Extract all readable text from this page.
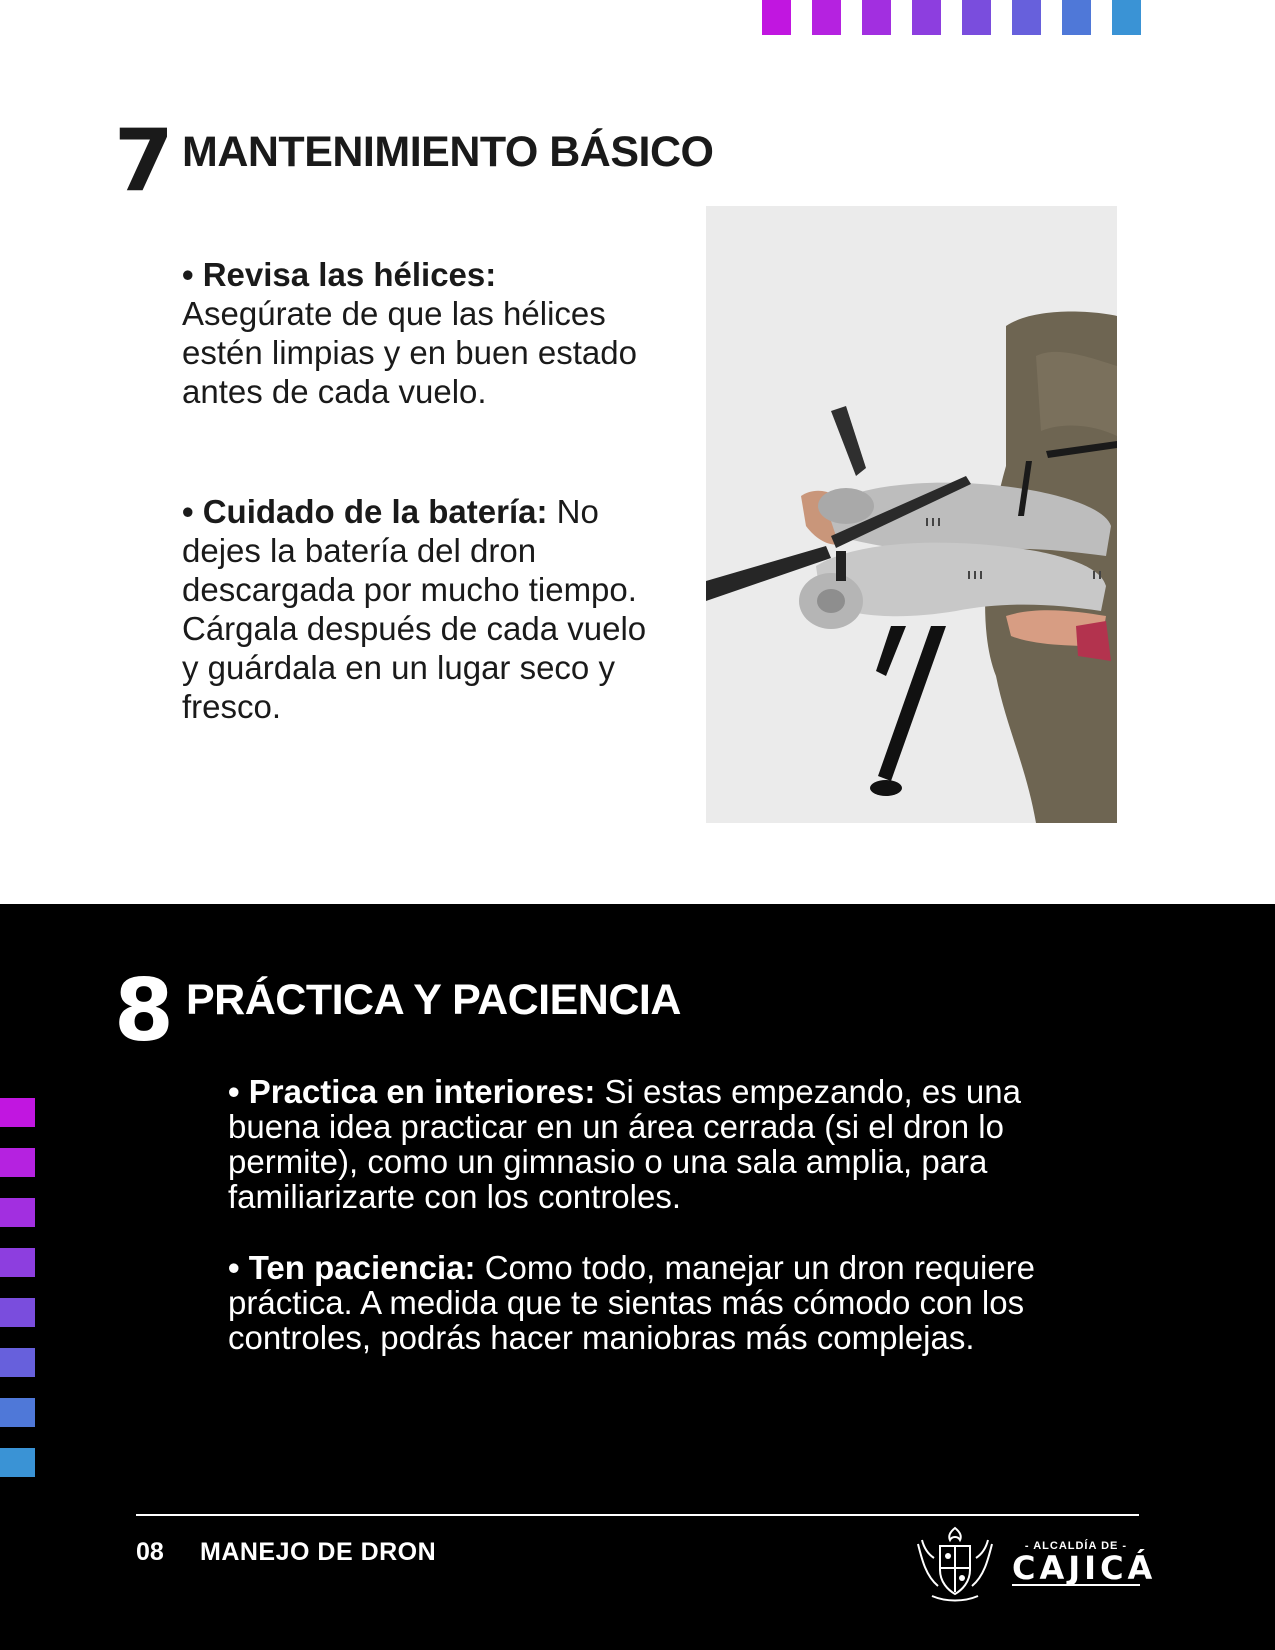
7 MANTENIMIENTO BÁSICO
• Revisa las hélices: Asegúrate de que las hélices estén limpias y en buen estado antes de cada vuelo.
• Cuidado de la batería: No dejes la batería del dron descargada por mucho tiempo. Cárgala después de cada vuelo y guárdala en un lugar seco y fresco.
8 PRÁCTICA Y PACIENCIA
• Practica en interiores: Si estas empezando, es una buena idea practicar en un área cerrada (si el dron lo permite), como un gimnasio o una sala amplia, para familiarizarte con los controles.
• Ten paciencia: Como todo, manejar un dron requiere práctica. A medida que te sientas más cómodo con los controles, podrás hacer maniobras más complejas.
08 MANEJO DE DRON	- ALCALDÍA DE -
CAJICÁ
